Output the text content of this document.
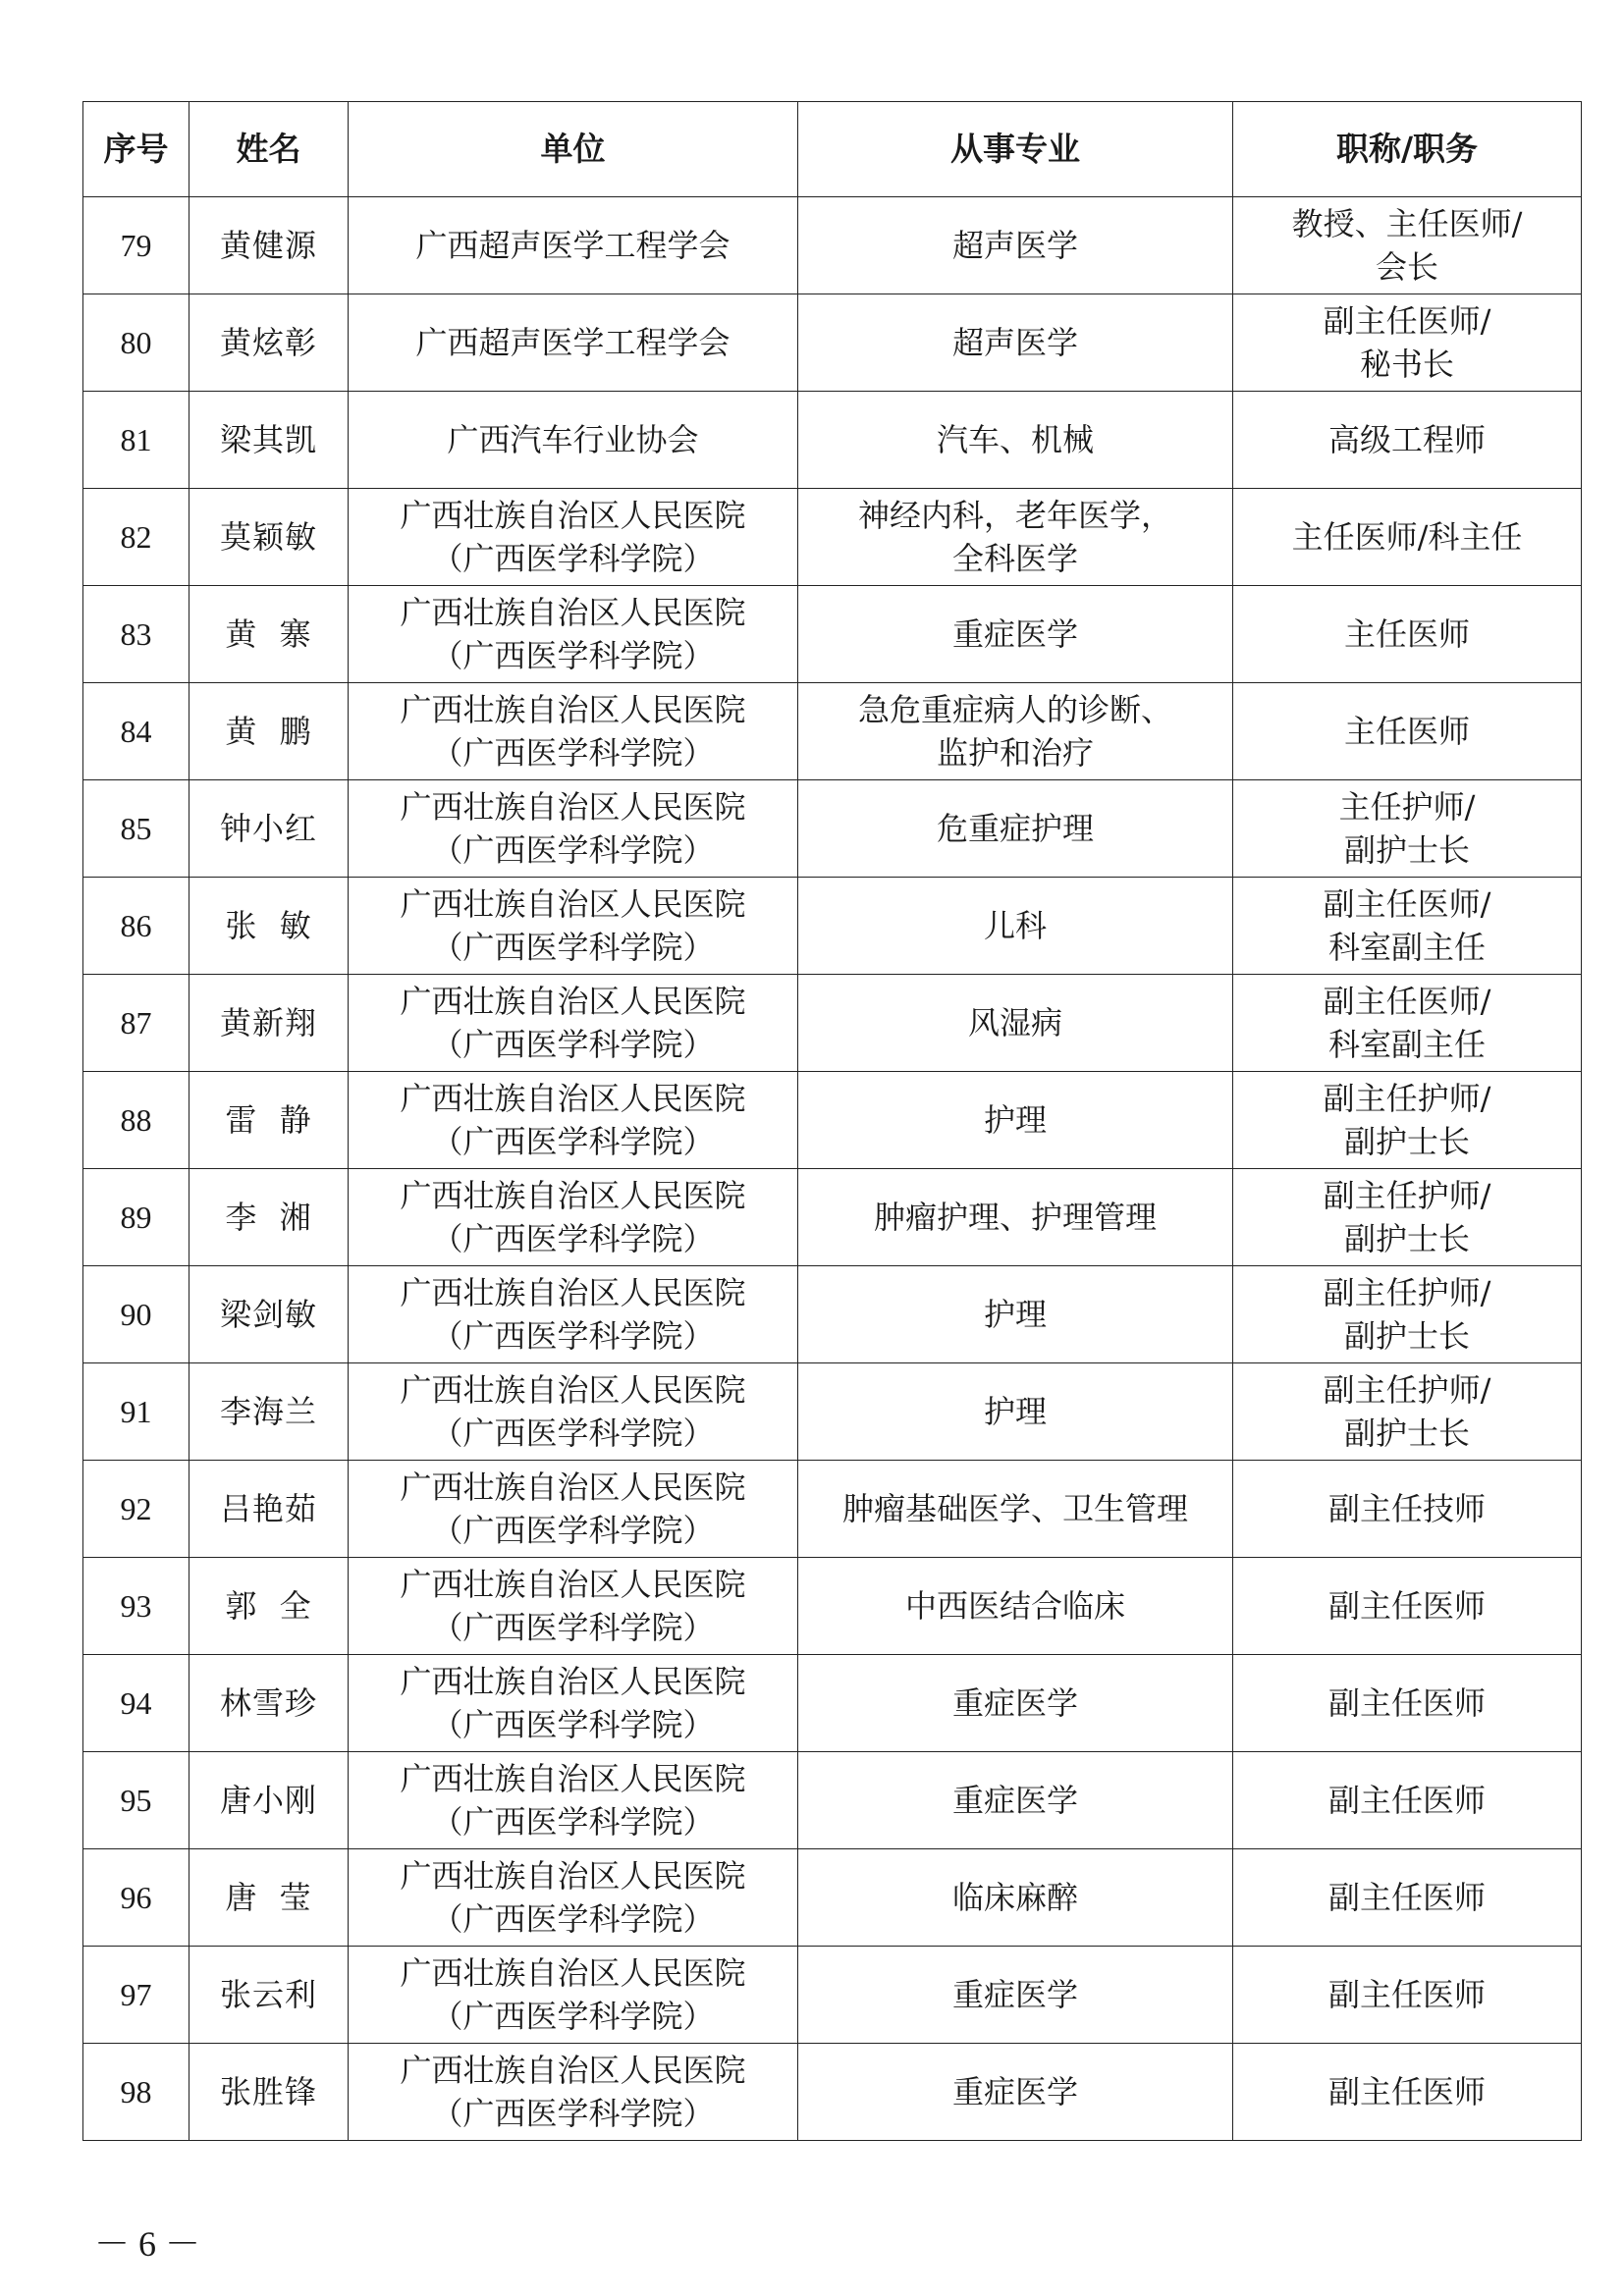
序号	姓名	单位	从事专业	职称/职务
79	黄健源	广西超声医学工程学会	超声医学	教授、主任医师/
会长

80	黄炫彰	广西超声医学工程学会	超声医学	副主任医师/
秘书长

81	梁其凯	广西汽车行业协会	汽车、机械	高级工程师

82	莫颖敏	广西壮族自治区人民医院
（广西医学科学院）	神经内科，老年医学，
全科医学	主任医师/科主任

83	黄  寨	广西壮族自治区人民医院
（广西医学科学院）	重症医学	主任医师

84	黄  鹏	广西壮族自治区人民医院
（广西医学科学院）	急危重症病人的诊断、
监护和治疗	主任医师

85	钟小红	广西壮族自治区人民医院
（广西医学科学院）	危重症护理	主任护师/
副护士长

86	张  敏	广西壮族自治区人民医院
（广西医学科学院）	儿科	副主任医师/
科室副主任

87	黄新翔	广西壮族自治区人民医院
（广西医学科学院）	风湿病	副主任医师/
科室副主任

88	雷  静	广西壮族自治区人民医院
（广西医学科学院）	护理	副主任护师/
副护士长

89	李  湘	广西壮族自治区人民医院
（广西医学科学院）	肿瘤护理、护理管理	副主任护师/
副护士长

90	梁剑敏	广西壮族自治区人民医院
（广西医学科学院）	护理	副主任护师/
副护士长

91	李海兰	广西壮族自治区人民医院
（广西医学科学院）	护理	副主任护师/
副护士长

92	吕艳茹	广西壮族自治区人民医院
（广西医学科学院）	肿瘤基础医学、卫生管理	副主任技师

93	郭  全	广西壮族自治区人民医院
（广西医学科学院）	中西医结合临床	副主任医师

94	林雪珍	广西壮族自治区人民医院
（广西医学科学院）	重症医学	副主任医师

95	唐小刚	广西壮族自治区人民医院
（广西医学科学院）	重症医学	副主任医师

96	唐  莹	广西壮族自治区人民医院
（广西医学科学院）	临床麻醉	副主任医师

97	张云利	广西壮族自治区人民医院
（广西医学科学院）	重症医学	副主任医师

98	张胜锋	广西壮族自治区人民医院
（广西医学科学院）	重症医学	副主任医师
－ 6 －
